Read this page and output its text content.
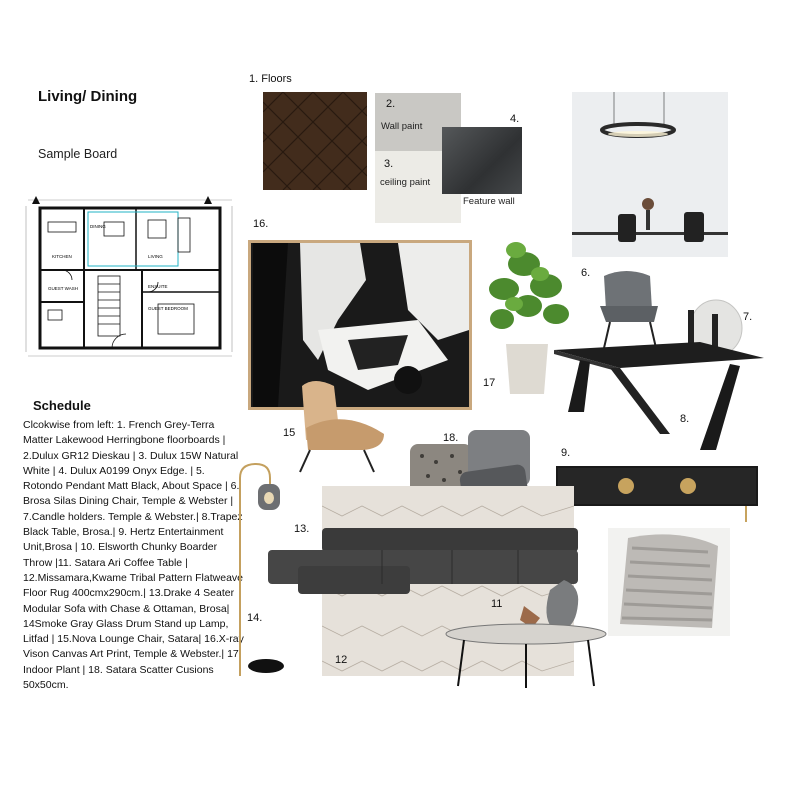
Living/ Dining
Sample Board
DINING
LIVING
KITCHEN
ENSUITE
GUEST BEDROOM
GUEST WASH
Schedule
Clcokwise from left: 1. French Grey-Terra Matter Lakewood Herringbone floorboards | 2.Dulux GR12 Dieskau | 3. Dulux 15W Natural White | 4. Dulux A0199 Onyx Edge. | 5. Rotondo Pendant Matt Black, About Space | 6. Brosa Silas Dining Chair, Temple & Webster | 7.Candle holders. Temple & Webster.| 8.Trapez Black Table, Brosa.| 9. Hertz Entertainment Unit,Brosa | 10. Elsworth Chunky Boarder Throw |11. Satara Ari Coffee Table | 12.Missamara,Kwame Tribal Pattern Flatweave Floor Rug 400cmx290cm.| 13.Drake 4 Seater Modular Sofa with Chase & Ottaman, Brosa| 14Smoke Gray Glass Drum Stand up Lamp, Litfad | 15.Nova Lounge Chair, Satara| 16.X-ray Vison Canvas Art Print, Temple & Webster.| 17. Indoor Plant | 18. Satara Scatter Cusions 50x50cm.
1. Floors
2.
Wall paint
3.
ceiling paint
4.
Feature wall
16.
17
6.
7.
8.
15	18.
9.
14.
12
13.
11
